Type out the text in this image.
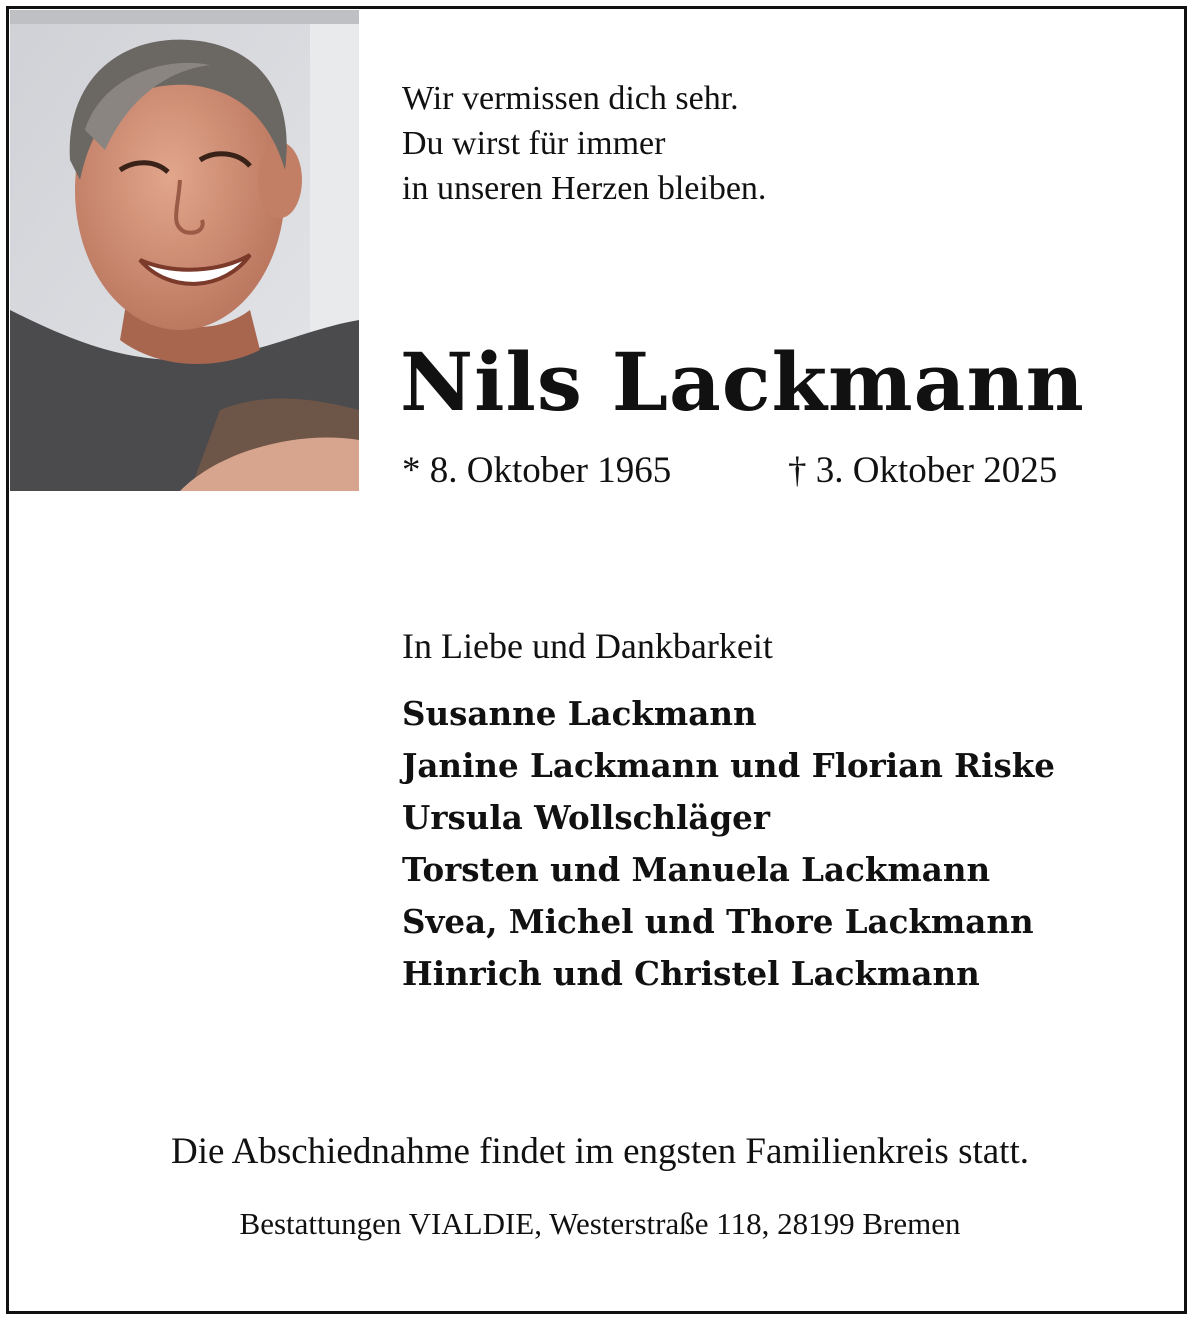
Wir vermissen dich sehr.
Du wirst für immer
in unseren Herzen bleiben.
Nils Lackmann
* 8. Oktober 1965	† 3. Oktober 2025
In Liebe und Dankbarkeit
Susanne Lackmann
Janine Lackmann und Florian Riske
Ursula Wollschläger
Torsten und Manuela Lackmann
Svea, Michel und Thore Lackmann
Hinrich und Christel Lackmann
Die Abschiednahme findet im engsten Familienkreis statt.
Bestattungen VIALDIE, Westerstraße 118, 28199 Bremen
